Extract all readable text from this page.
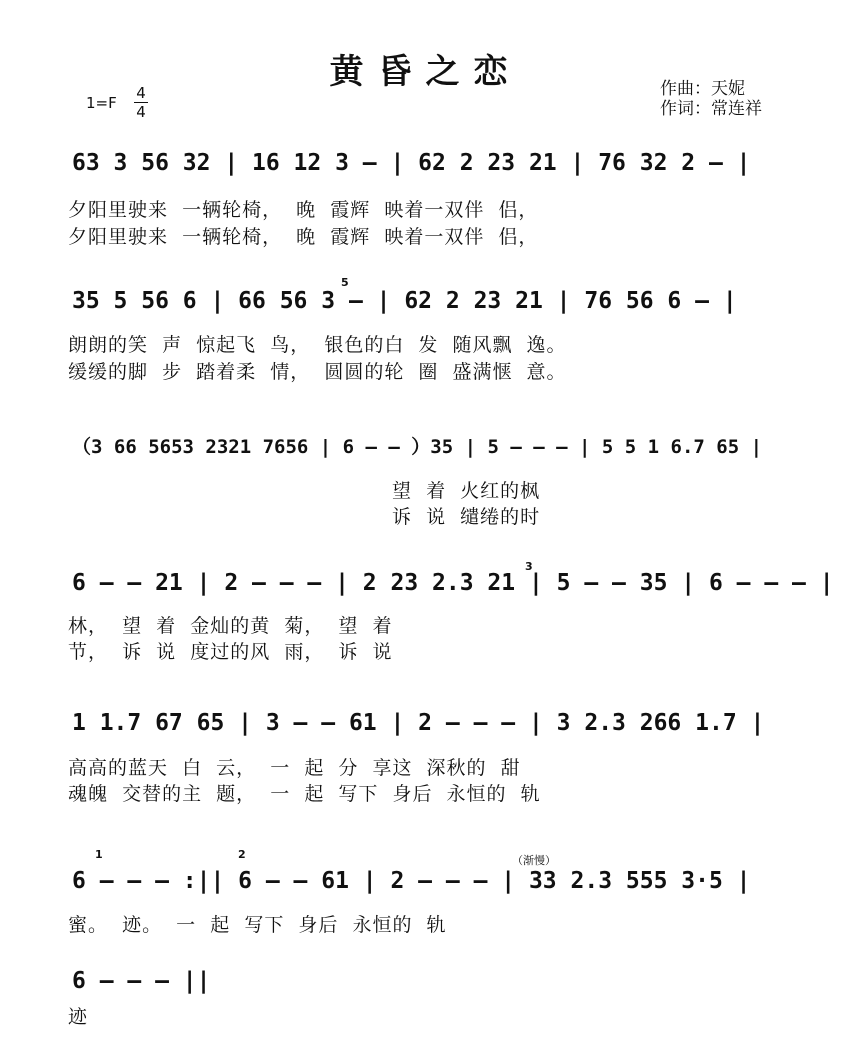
黄昏之恋	作曲：天妮
作词：常连祥
1=F
4
4
63 3 56 32 | 16 12 3 — | 62 2 23 21 | 76 32 2 — |
夕阳里驶来  一辆轮椅，  晚  霞辉  映着一双伴  侣，
夕阳里驶来  一辆轮椅，  晚  霞辉  映着一双伴  侣，
35 5 56 6 | 66 56 3 — | 62 2 23 21 | 76 56 6 — |
5
朗朗的笑  声  惊起飞  鸟，  银色的白  发  随风飘  逸。
缓缓的脚  步  踏着柔  情，  圆圆的轮  圈  盛满惬  意。
（3 66 5653 2321 7656 | 6 — — ）35 | 5 — — — | 5 5 1 6.7 65 |
望  着  火红的枫
诉  说  缱绻的时
6 — — 21 | 2 — — — | 2 23 2.3 21 | 5 — — 35 | 6 — — — |
3
林，  望  着  金灿的黄  菊，  望  着
节，  诉  说  度过的风  雨，  诉  说
1 1.7 67 65 | 3 — — 61 | 2 — — — | 3 2.3 266 1.7 |
高高的蓝天  白  云，  一  起  分  享这  深秋的  甜
魂魄  交替的主  题，  一  起  写下  身后  永恒的  轨
1	2	（渐慢）
6 — — — :|| 6 — — 61 | 2 — — — | 33 2.3 555 3·5 |
蜜。  迹。  一  起  写下  身后  永恒的  轨
6 — — — ||
迹
